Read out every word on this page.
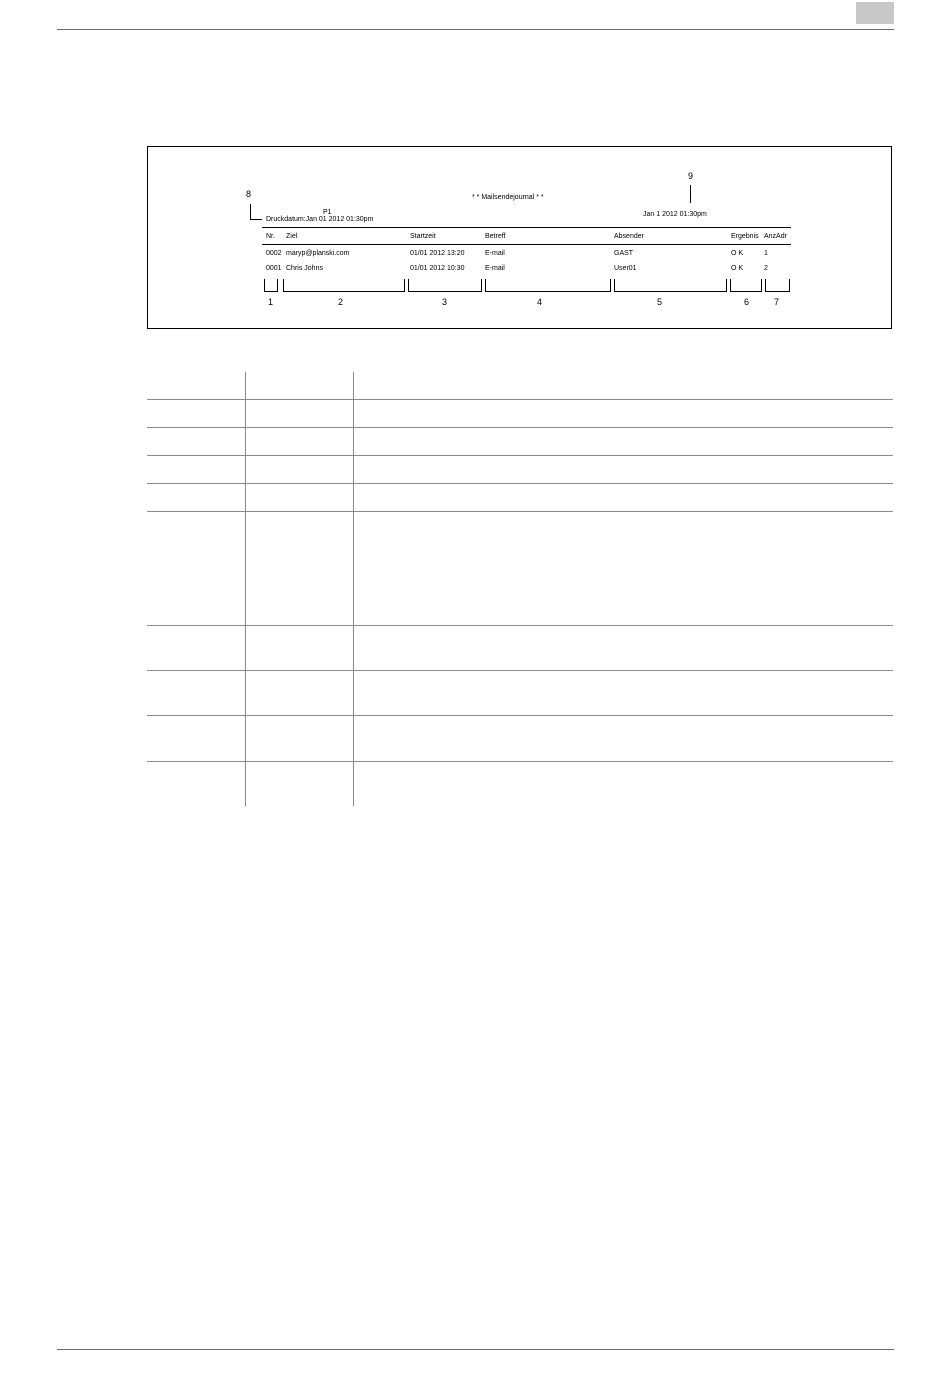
9
8	* * Mailsendejournal * *
P1	Jan 1 2012 01:30pm
Druckdatum:Jan 01 2012 01:30pm
Nr. Ziel	Startzeit	Betreff	Absender	Ergebnis AnzAdr
0002 maryp@planski.com	01/01 2012 13:20	E-mail	GAST	O K	1
0001 Chris Johns	01/01 2012 10:30	E-mail	User01	O K	2
1	2	3	4	5	6	7
